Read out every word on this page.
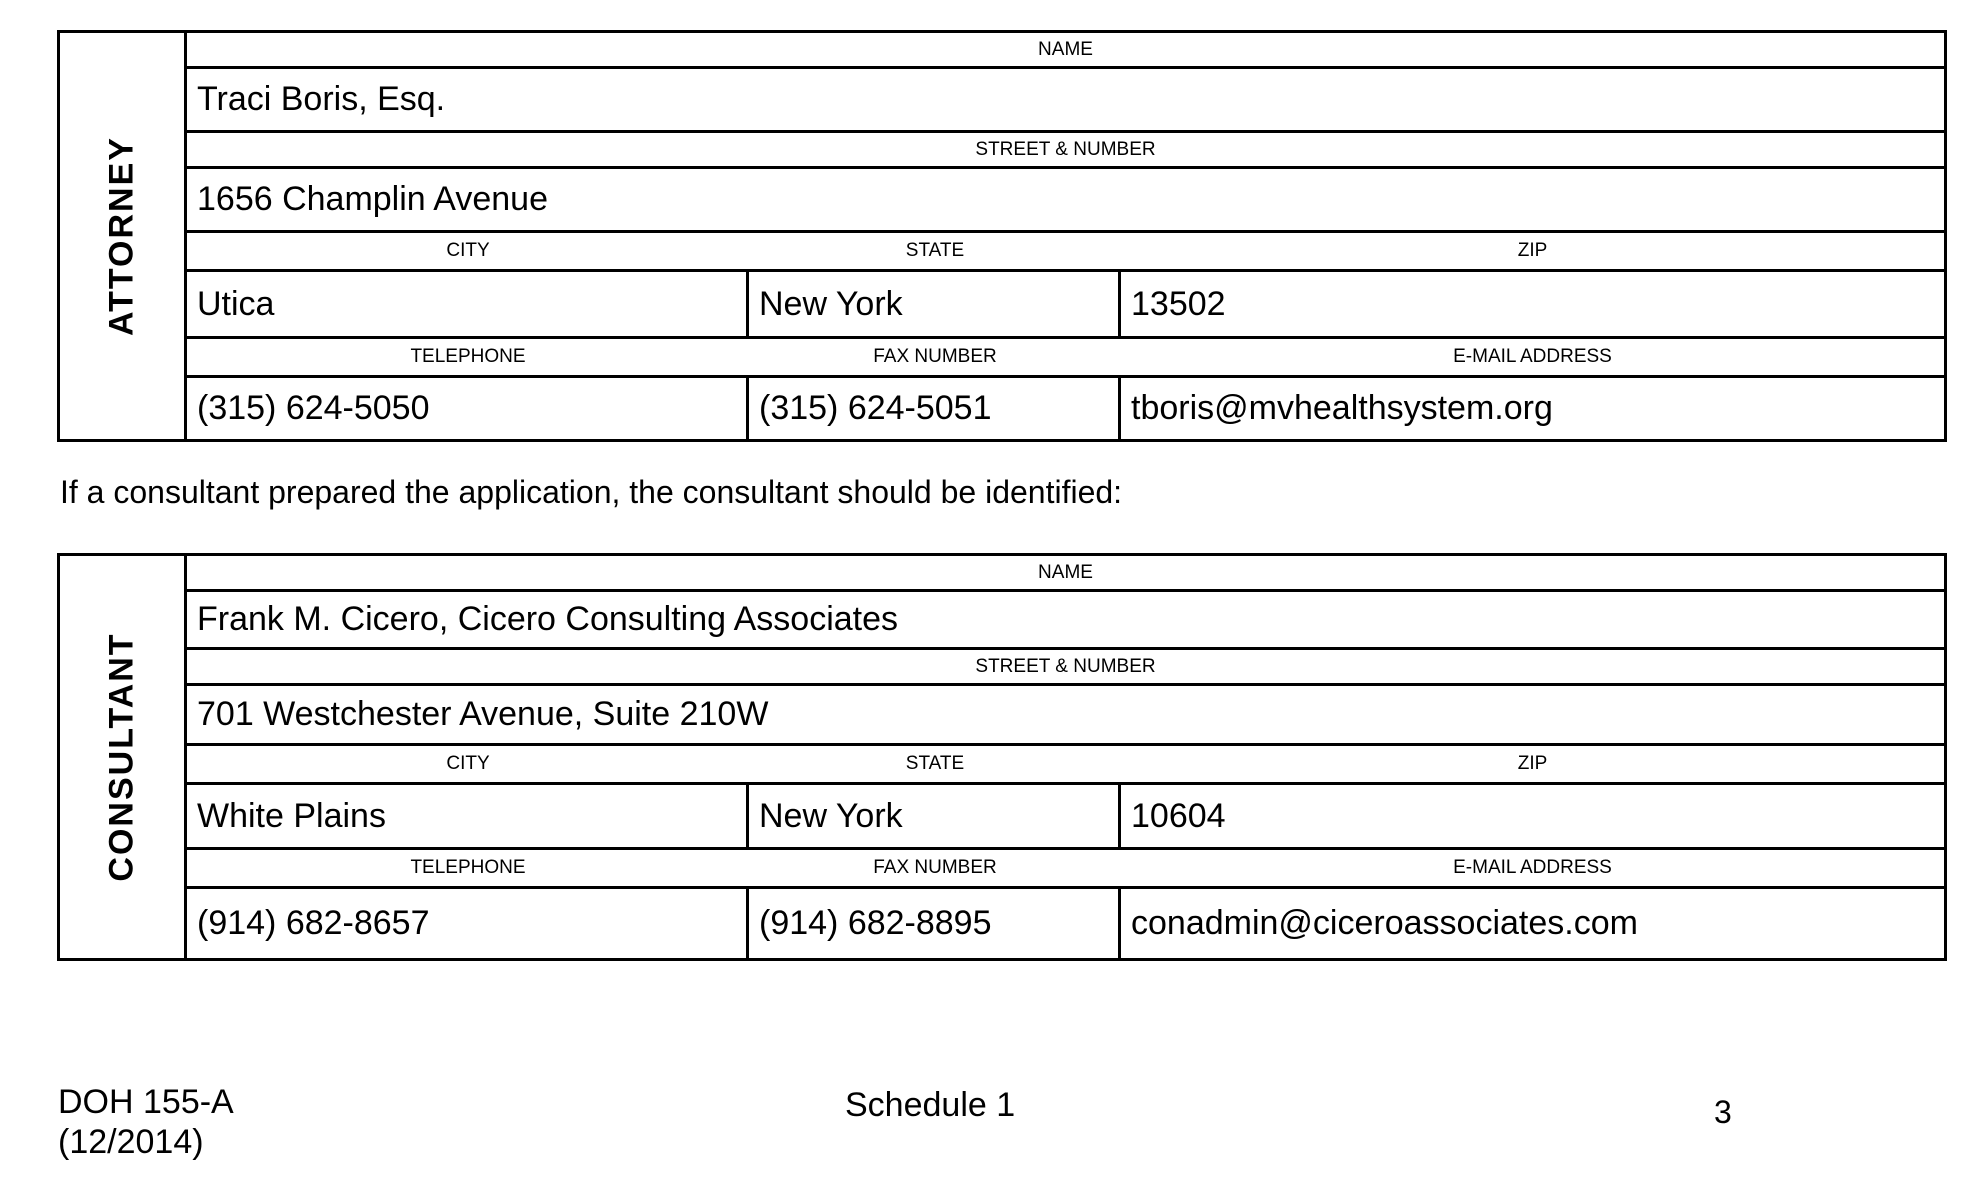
ATTORNEY
NAME
Traci Boris, Esq.
STREET & NUMBER
1656 Champlin Avenue
CITY	STATE	ZIP
Utica	New York	13502
TELEPHONE	FAX NUMBER	E-MAIL ADDRESS
(315) 624-5050	(315) 624-5051	tboris@mvhealthsystem.org
If a consultant prepared the application, the consultant should be identified:
CONSULTANT
NAME
Frank M. Cicero, Cicero Consulting Associates
STREET & NUMBER
701 Westchester Avenue, Suite 210W
CITY	STATE	ZIP
White Plains	New York	10604
TELEPHONE	FAX NUMBER	E-MAIL ADDRESS
(914) 682-8657	(914) 682-8895	conadmin@ciceroassociates.com
DOH 155-A
(12/2014)
Schedule 1	3
